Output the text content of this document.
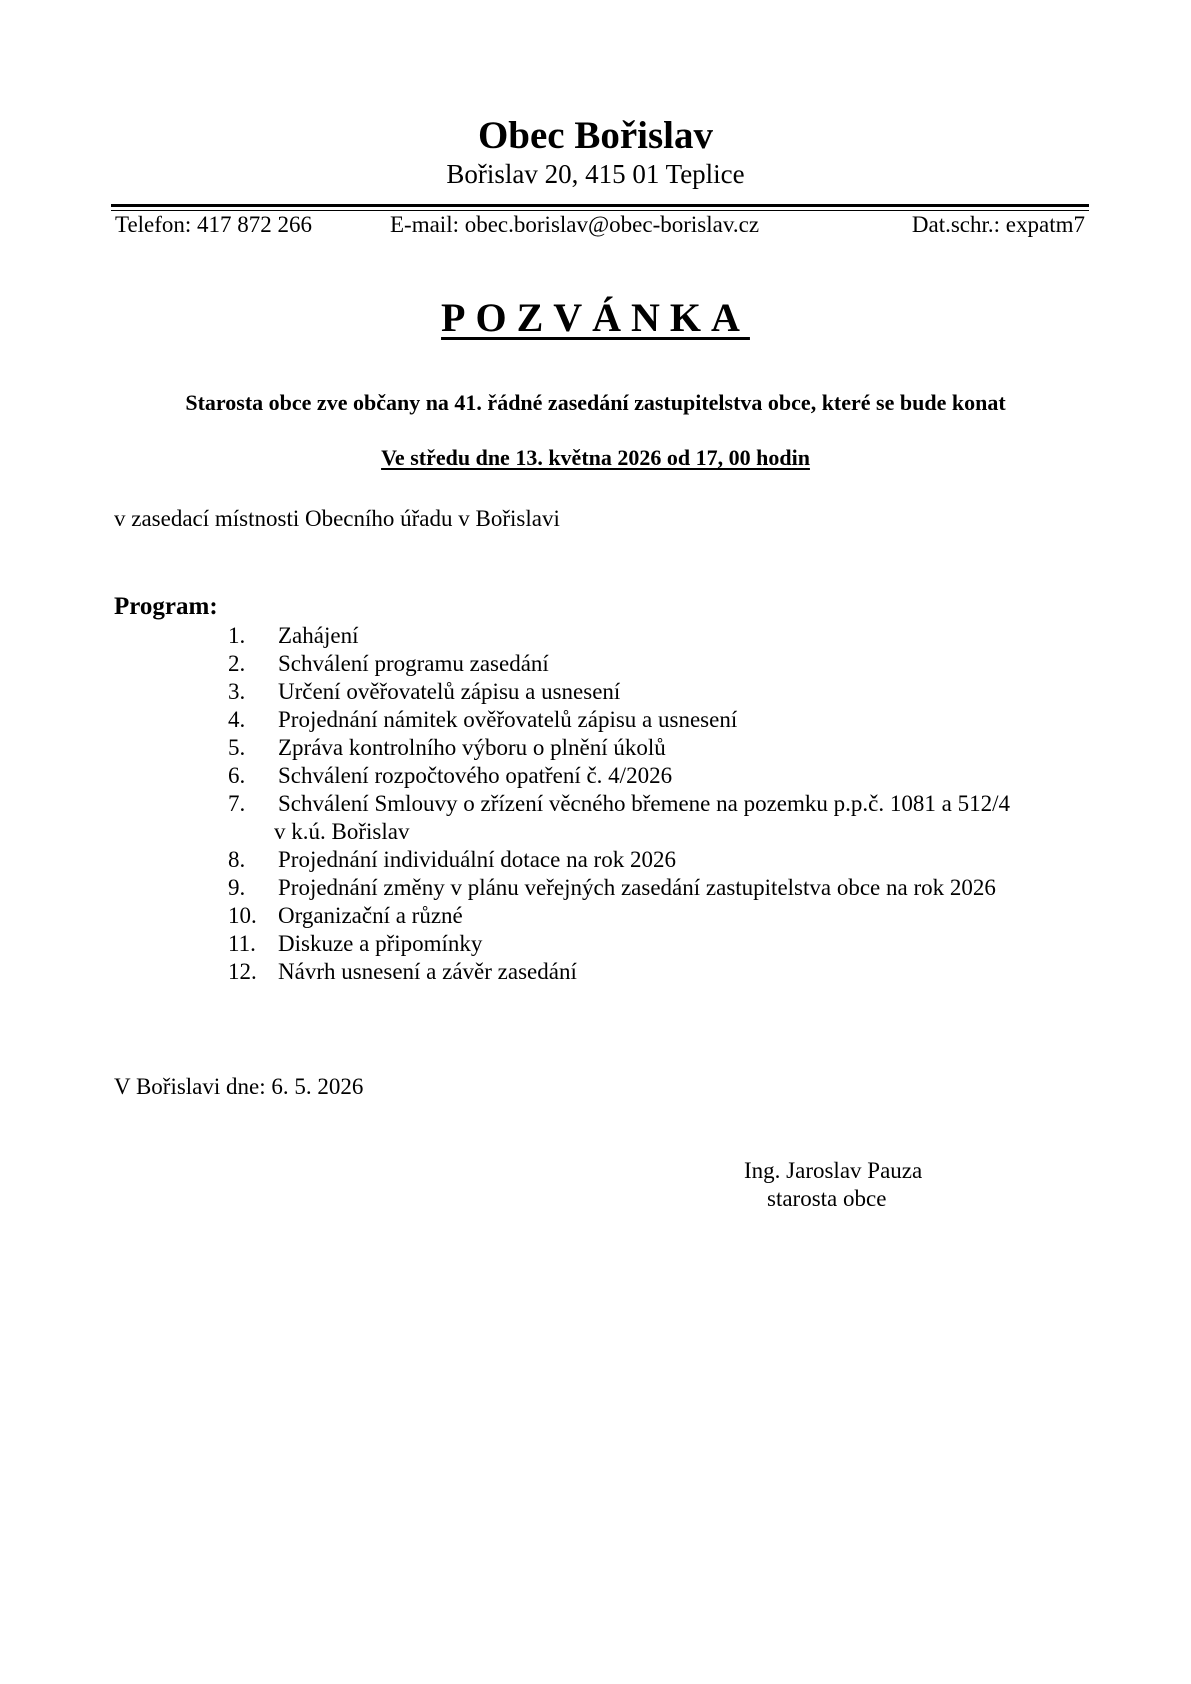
Obec Bořislav
Bořislav 20, 415 01 Teplice
Telefon: 417 872 266	E-mail: obec.borislav@obec-borislav.cz	Dat.schr.: expatm7
POZVÁNKA
Starosta obce zve občany na 41. řádné zasedání zastupitelstva obce, které se bude konat
Ve středu dne 13. května 2026 od 17, 00 hodin
v zasedací místnosti Obecního úřadu v Bořislavi
Program:
1. Zahájení
2. Schválení programu zasedání
3. Určení ověřovatelů zápisu a usnesení
4. Projednání námitek ověřovatelů zápisu a usnesení
5. Zpráva kontrolního výboru o plnění úkolů
6. Schválení rozpočtového opatření č. 4/2026
7. Schválení Smlouvy o zřízení věcného břemene na pozemku p.p.č. 1081 a 512/4
v k.ú. Bořislav
8. Projednání individuální dotace na rok 2026
9. Projednání změny v plánu veřejných zasedání zastupitelstva obce na rok 2026
10. Organizační a různé
11. Diskuze a připomínky
12. Návrh usnesení a závěr zasedání
V Bořislavi dne: 6. 5. 2026
Ing. Jaroslav Pauza
starosta obce
